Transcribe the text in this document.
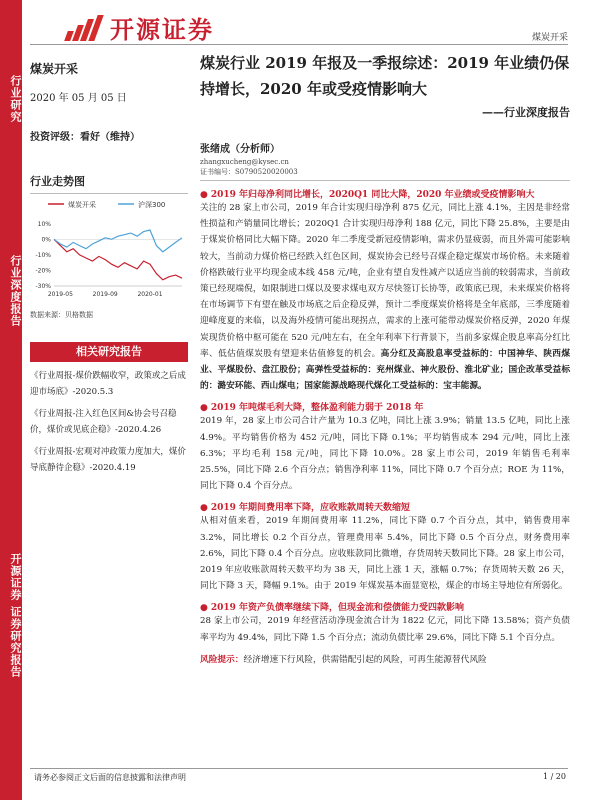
行业研究
行业深度报告
开源证券 证券研究报告
开源证券	煤炭开采
煤炭开采
2020 年 05 月 05 日
投资评级：看好（维持）
行业走势图
煤炭开采	沪深300
10%
0%
-10%
-20%
-30%
2019-05	2019-09	2020-01
数据来源：贝格数据
相关研究报告
《行业周报-煤价跌幅收窄，政策或之后成迎市场底》-2020.5.3
《行业周报-注入红色区间&协会号召稳价，煤价或见底企稳》-2020.4.26
《行业周报-宏观对冲政策力度加大，煤价导底静待企稳》-2020.4.19
煤炭行业 2019 年报及一季报综述：2019 年业绩仍保持增长，2020 年或受疫情影响大
——行业深度报告
张绪成（分析师）
zhangxucheng@kysec.cn
证书编号：S0790520020003
● 2019 年归母净利同比增长，2020Q1 同比大降，2020 年业绩或受疫情影响大
关注的 28 家上市公司，2019 年合计实现归母净利 875 亿元，同比上涨 4.1%，主因是非经常性损益和产销量同比增长；2020Q1 合计实现归母净利 188 亿元，同比下降 25.8%，主要是由于煤炭价格同比大幅下降。2020 年二季度受新冠疫情影响，需求仍显疲弱，而且外需可能影响较大，当前动力煤价格已经跌入红色区间，煤炭协会已经号召煤企稳定煤炭市场价格。未来随着价格跌破行业平均现金成本线 458 元/吨，企业有望自发性减产以适应当前的较弱需求，当前政策已经现端倪，如限制进口煤以及要求煤电双方尽快签订长协等，政策底已现，未来煤炭价格将在市场调节下有望在触及市场底之后企稳反弹，预计二季度煤炭价格将是全年底部，三季度随着迎峰度夏的来临，以及海外疫情可能出现拐点，需求的上涨可能带动煤炭价格反弹，2020 年煤炭现货价格中枢可能在 520 元/吨左右，在全年利率下行背景下，当前多家煤企股息率高分红比率、低估值煤炭股有望迎来估值修复的机会。高分红及高股息率受益标的：中国神华、陕西煤业、平煤股份、盘江股份；高弹性受益标的：兖州煤业、神火股份、淮北矿业；国企改革受益标的：潞安环能、西山煤电；国家能源战略现代煤化工受益标的：宝丰能源。
● 2019 年吨煤毛利大降，整体盈利能力弱于 2018 年
2019 年，28 家上市公司合计产量为 10.3 亿吨，同比上涨 3.9%；销量 13.5 亿吨，同比上涨 4.9%。平均销售价格为 452 元/吨，同比下降 0.1%；平均销售成本 294 元/吨，同比上涨 6.3%；平均毛利 158 元/吨，同比下降 10.0%。28 家上市公司，2019 年销售毛利率 25.5%，同比下降 2.6 个百分点；销售净利率 11%，同比下降 0.7 个百分点；ROE 为 11%，同比下降 0.4 个百分点。
● 2019 年期间费用率下降，应收账款周转天数缩短
从相对值来看，2019 年期间费用率 11.2%，同比下降 0.7 个百分点，其中，销售费用率 3.2%，同比增长 0.2 个百分点，管理费用率 5.4%，同比下降 0.5 个百分点，财务费用率 2.6%，同比下降 0.4 个百分点。应收账款同比微增，存货周转天数同比下降。28 家上市公司，2019 年应收账款周转天数平均为 38 天，同比上涨 1 天，涨幅 0.7%；存货周转天数 26 天，同比下降 3 天，降幅 9.1%。由于 2019 年煤炭基本面显宽松，煤企的市场主导地位有所弱化。
● 2019 年资产负债率继续下降，但现金流和偿债能力受四款影响
28 家上市公司，2019 年经营活动净现金流合计为 1822 亿元，同比下降 13.58%；资产负债率平均为 49.4%，同比下降 1.5 个百分点；流动负债比率 29.6%，同比下降 5.1 个百分点。
风险提示：经济增速下行风险，供需错配引起的风险，可再生能源替代风险
请务必参阅正文后面的信息披露和法律声明	1 / 20
